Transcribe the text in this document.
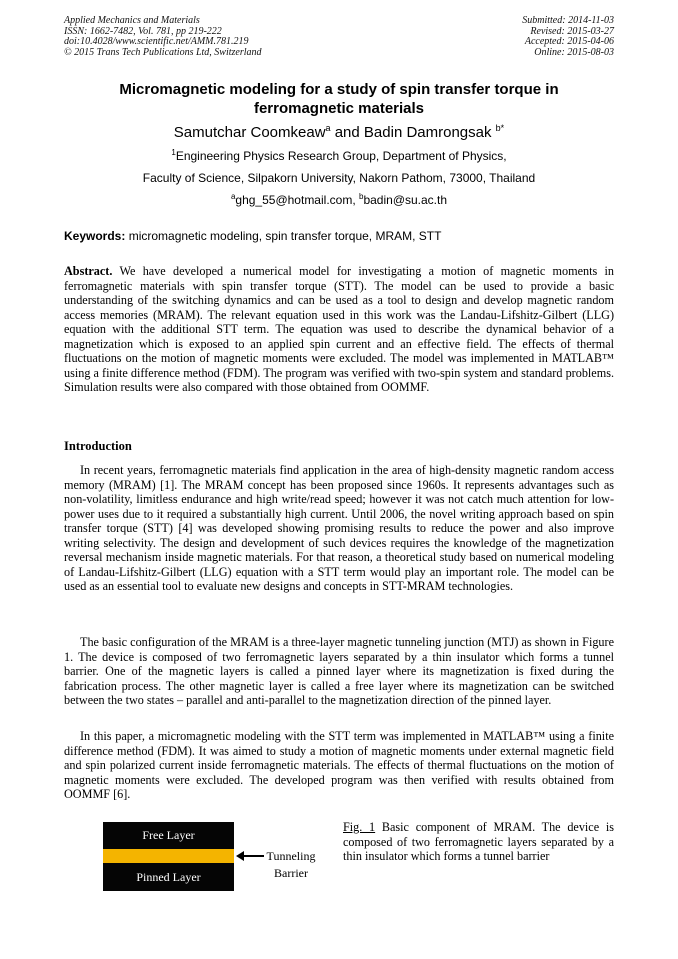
Applied Mechanics and Materials
ISSN: 1662-7482, Vol. 781, pp 219-222
doi:10.4028/www.scientific.net/AMM.781.219
© 2015 Trans Tech Publications Ltd, Switzerland
Submitted: 2014-11-03
Revised: 2015-03-27
Accepted: 2015-04-06
Online: 2015-08-03
Micromagnetic modeling for a study of spin transfer torque in
ferromagnetic materials
Samutchar Coomkeaw$^a$ and Badin Damrongsak $^{b*}$
$^1$Engineering Physics Research Group, Department of Physics,
Faculty of Science, Silpakorn University, Nakorn Pathom, 73000, Thailand
$^a$ghg_55@hotmail.com, $^b$badin@su.ac.th
Keywords: micromagnetic modeling, spin transfer torque, MRAM, STT

Abstract. We have developed a numerical model for investigating a motion of magnetic moments in ferromagnetic materials with spin transfer torque (STT). The model can be used to provide a basic understanding of the switching dynamics and can be used as a tool to design and develop magnetic random access memories (MRAM). The relevant equation used in this work was the Landau-Lifshitz-Gilbert (LLG) equation with the additional STT term. The equation was used to describe the dynamical behavior of a magnetization which is exposed to an applied spin current and an effective field. The effects of thermal fluctuations on the motion of magnetic moments were excluded. The model was implemented in MATLAB™ using a finite difference method (FDM). The program was verified with two-spin system and standard problems. Simulation results were also compared with those obtained from OOMMF.

Introduction

In recent years, ferromagnetic materials find application in the area of high-density magnetic random access memory (MRAM) [1]. The MRAM concept has been proposed since 1960s. It represents advantages such as non-volatility, limitless endurance and high write/read speed; however it was not catch much attention for low-power uses due to it required a substantially high current. Until 2006, the novel writing approach based on spin transfer torque (STT) [4] was developed showing promising results to reduce the power and also improve writing selectivity. The design and development of such devices requires the knowledge of the magnetization reversal mechanism inside magnetic materials. For that reason, a theoretical study based on numerical modeling of Landau-Lifshitz-Gilbert (LLG) equation with a STT term would play an important role. The model can be used as an essential tool to evaluate new designs and concepts in STT-MRAM technologies.

The basic configuration of the MRAM is a three-layer magnetic tunneling junction (MTJ) as shown in Figure 1. The device is composed of two ferromagnetic layers separated by a thin insulator which forms a tunnel barrier. One of the magnetic layers is called a pinned layer where its magnetization is fixed during the fabrication process. The other magnetic layer is called a free layer where its magnetization can be switched between the two states – parallel and anti-parallel to the magnetization direction of the pinned layer.

In this paper, a micromagnetic modeling with the STT term was implemented in MATLAB™ using a finite difference method (FDM). It was aimed to study a motion of magnetic moments under external magnetic field and spin polarized current inside ferromagnetic materials. The effects of thermal fluctuations on the motion of magnetic moments were excluded. The developed program was then verified with results obtained from OOMMF [6].

Free Layer
Pinned Layer
Tunneling
Barrier
Fig. 1 Basic component of MRAM. The device is composed of two ferromagnetic layers separated by a thin insulator which forms a tunnel barrier
